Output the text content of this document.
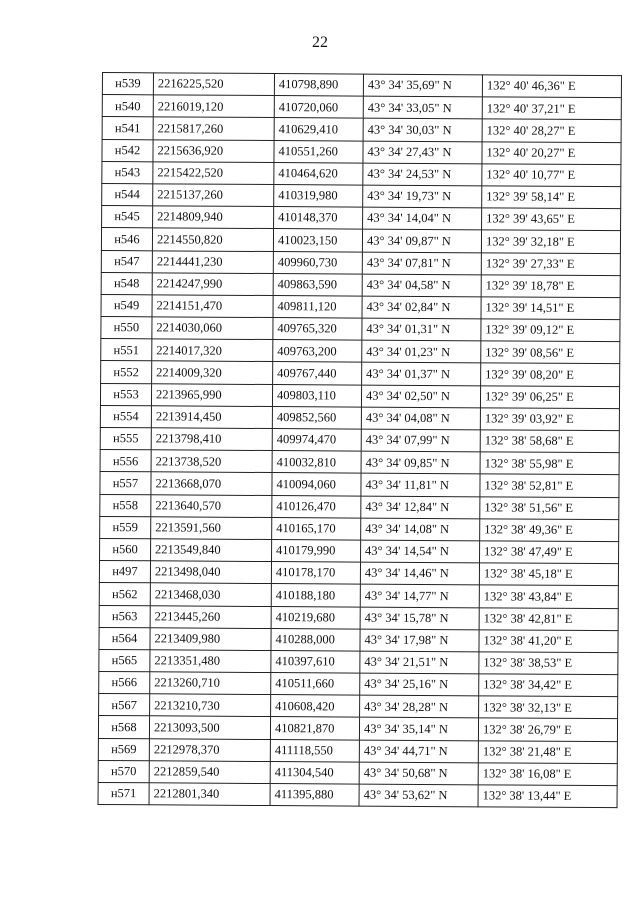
22
н539	2216225,520	410798,890	43° 34' 35,69" N	132° 40' 46,36" E
н540	2216019,120	410720,060	43° 34' 33,05" N	132° 40' 37,21" E
н541	2215817,260	410629,410	43° 34' 30,03" N	132° 40' 28,27" E
н542	2215636,920	410551,260	43° 34' 27,43" N	132° 40' 20,27" E
н543	2215422,520	410464,620	43° 34' 24,53" N	132° 40' 10,77" E
н544	2215137,260	410319,980	43° 34' 19,73" N	132° 39' 58,14" E
н545	2214809,940	410148,370	43° 34' 14,04" N	132° 39' 43,65" E
н546	2214550,820	410023,150	43° 34' 09,87" N	132° 39' 32,18" E
н547	2214441,230	409960,730	43° 34' 07,81" N	132° 39' 27,33" E
н548	2214247,990	409863,590	43° 34' 04,58" N	132° 39' 18,78" E
н549	2214151,470	409811,120	43° 34' 02,84" N	132° 39' 14,51" E
н550	2214030,060	409765,320	43° 34' 01,31" N	132° 39' 09,12" E
н551	2214017,320	409763,200	43° 34' 01,23" N	132° 39' 08,56" E
н552	2214009,320	409767,440	43° 34' 01,37" N	132° 39' 08,20" E
н553	2213965,990	409803,110	43° 34' 02,50" N	132° 39' 06,25" E
н554	2213914,450	409852,560	43° 34' 04,08" N	132° 39' 03,92" E
н555	2213798,410	409974,470	43° 34' 07,99" N	132° 38' 58,68" E
н556	2213738,520	410032,810	43° 34' 09,85" N	132° 38' 55,98" E
н557	2213668,070	410094,060	43° 34' 11,81" N	132° 38' 52,81" E
н558	2213640,570	410126,470	43° 34' 12,84" N	132° 38' 51,56" E
н559	2213591,560	410165,170	43° 34' 14,08" N	132° 38' 49,36" E
н560	2213549,840	410179,990	43° 34' 14,54" N	132° 38' 47,49" E
н497	2213498,040	410178,170	43° 34' 14,46" N	132° 38' 45,18" E
н562	2213468,030	410188,180	43° 34' 14,77" N	132° 38' 43,84" E
н563	2213445,260	410219,680	43° 34' 15,78" N	132° 38' 42,81" E
н564	2213409,980	410288,000	43° 34' 17,98" N	132° 38' 41,20" E
н565	2213351,480	410397,610	43° 34' 21,51" N	132° 38' 38,53" E
н566	2213260,710	410511,660	43° 34' 25,16" N	132° 38' 34,42" E
н567	2213210,730	410608,420	43° 34' 28,28" N	132° 38' 32,13" E
н568	2213093,500	410821,870	43° 34' 35,14" N	132° 38' 26,79" E
н569	2212978,370	411118,550	43° 34' 44,71" N	132° 38' 21,48" E
н570	2212859,540	411304,540	43° 34' 50,68" N	132° 38' 16,08" E
н571	2212801,340	411395,880	43° 34' 53,62" N	132° 38' 13,44" E
